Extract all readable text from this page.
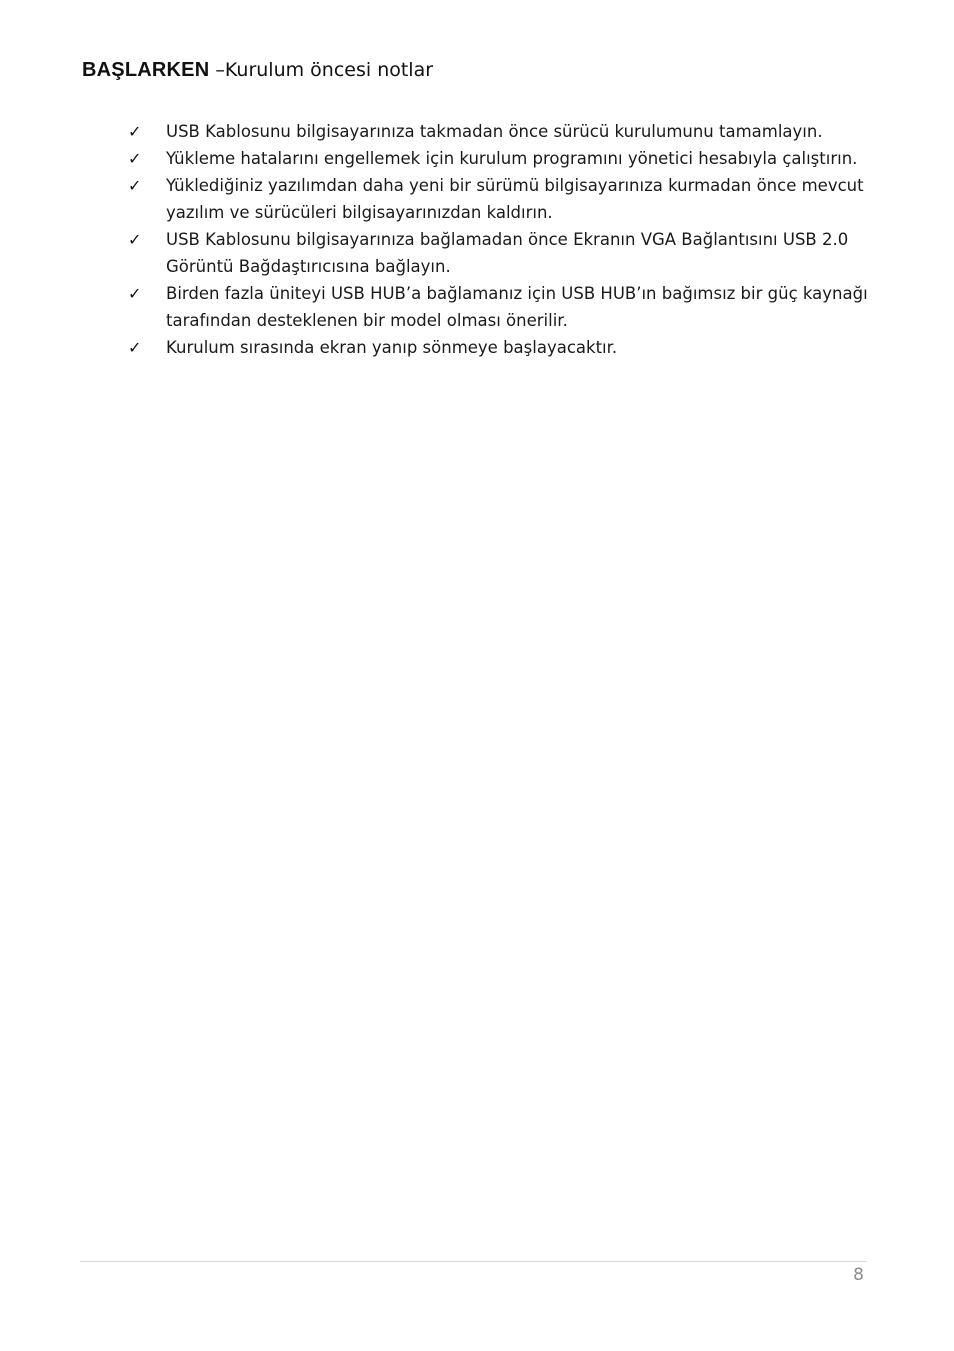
BAŞLARKEN –Kurulum öncesi notlar
✓	USB Kablosunu bilgisayarınıza takmadan önce sürücü kurulumunu tamamlayın.
✓	Yükleme hatalarını engellemek için kurulum programını yönetici hesabıyla çalıştırın.
✓	Yüklediğiniz yazılımdan daha yeni bir sürümü bilgisayarınıza kurmadan önce mevcut yazılım ve sürücüleri bilgisayarınızdan kaldırın.
✓	USB Kablosunu bilgisayarınıza bağlamadan önce Ekranın VGA Bağlantısını USB 2.0 Görüntü Bağdaştırıcısına bağlayın.
✓	Birden fazla üniteyi USB HUB’a bağlamanız için USB HUB’ın bağımsız bir güç kaynağı tarafından desteklenen bir model olması önerilir.
✓	Kurulum sırasında ekran yanıp sönmeye başlayacaktır.
8
